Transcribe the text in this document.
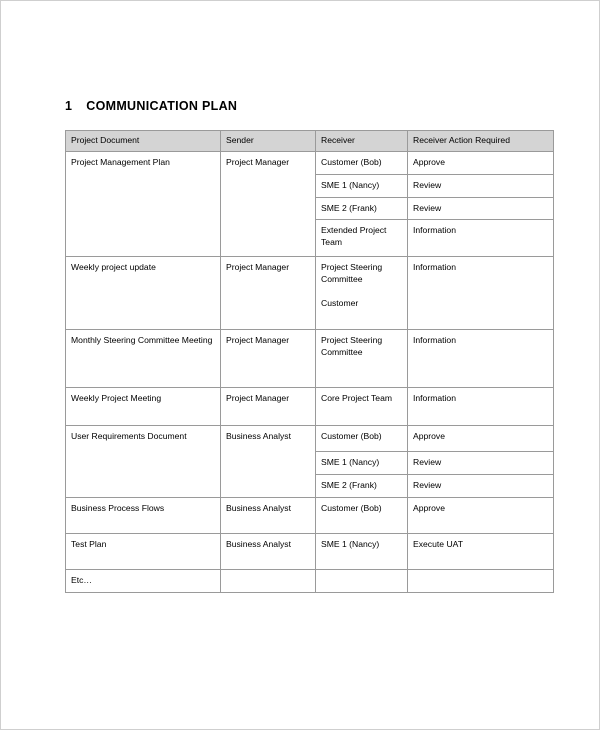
1 COMMUNICATION PLAN
Project Document	Sender	Receiver	Receiver Action Required
Project Management Plan	Project Manager	Customer (Bob)	Approve
		SME 1 (Nancy)	Review
		SME 2 (Frank)	Review
		Extended Project Team	Information
Weekly project update	Project Manager	Project Steering Committee	Information
		Customer	
Monthly Steering Committee Meeting	Project Manager	Project Steering Committee	Information
Weekly Project Meeting	Project Manager	Core Project Team	Information
User Requirements Document	Business Analyst	Customer (Bob)	Approve
		SME 1 (Nancy)	Review
		SME 2 (Frank)	Review
Business Process Flows	Business Analyst	Customer (Bob)	Approve
Test Plan	Business Analyst	SME 1 (Nancy)	Execute UAT
Etc…			
